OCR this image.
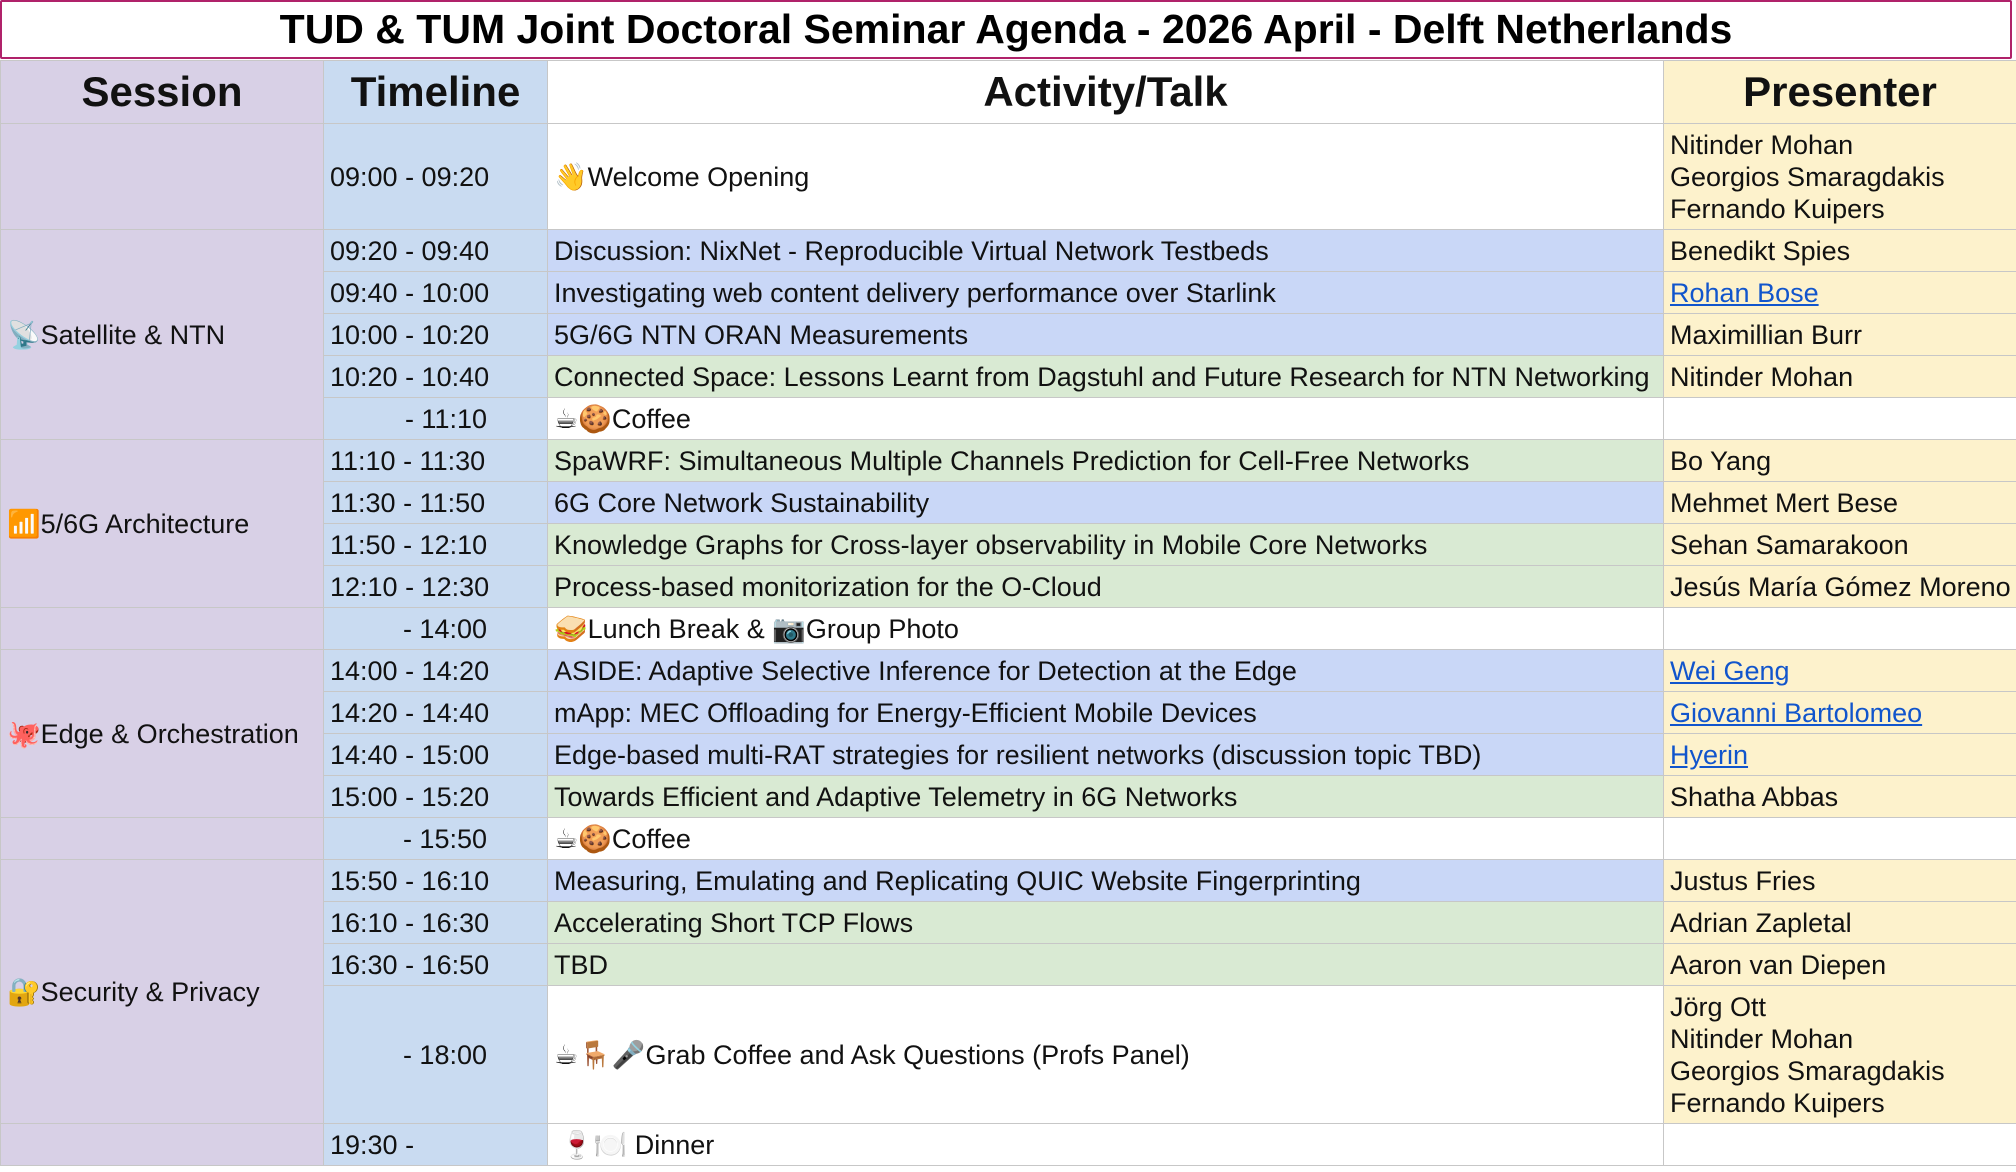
TUD & TUM Joint Doctoral Seminar Agenda - 2026 April - Delft Netherlands
Session	Timeline	Activity/Talk	Presenter
	09:00 - 09:20	👋Welcome Opening	Nitinder Mohan
Georgios Smaragdakis
Fernando Kuipers

📡Satellite & NTN	09:20 - 09:40	Discussion: NixNet - Reproducible Virtual Network Testbeds	Benedikt Spies
	09:40 - 10:00	Investigating web content delivery performance over Starlink	Rohan Bose
	10:00 - 10:20	5G/6G NTN ORAN Measurements	Maximillian Burr
	10:20 - 10:40	Connected Space: Lessons Learnt from Dagstuhl and Future Research for NTN Networking	Nitinder Mohan
	- 11:10	☕🍪Coffee	
📶5/6G Architecture	11:10 - 11:30	SpaWRF: Simultaneous Multiple Channels Prediction for Cell-Free Networks	Bo Yang
	11:30 - 11:50	6G Core Network Sustainability	Mehmet Mert Bese
	11:50 - 12:10	Knowledge Graphs for Cross-layer observability in Mobile Core Networks	Sehan Samarakoon
	12:10 - 12:30	Process-based monitorization for the O-Cloud	Jesús María Gómez Moreno
	- 14:00	🥪Lunch Break & 📷Group Photo	
🐙Edge & Orchestration	14:00 - 14:20	ASIDE: Adaptive Selective Inference for Detection at the Edge	Wei Geng
	14:20 - 14:40	mApp: MEC Offloading for Energy-Efficient Mobile Devices	Giovanni Bartolomeo
	14:40 - 15:00	Edge-based multi-RAT strategies for resilient networks (discussion topic TBD)	Hyerin
	15:00 - 15:20	Towards Efficient and Adaptive Telemetry in 6G Networks	Shatha Abbas
	- 15:50	☕🍪Coffee	
🔐Security & Privacy	15:50 - 16:10	Measuring, Emulating and Replicating QUIC Website Fingerprinting	Justus Fries
	16:10 - 16:30	Accelerating Short TCP Flows	Adrian Zapletal
	16:30 - 16:50	TBD	Aaron van Diepen
	- 18:00	☕🪑🎤Grab Coffee and Ask Questions (Profs Panel)	Jörg Ott
Nitinder Mohan
Georgios Smaragdakis
Fernando Kuipers

	19:30 -	🍷🍽️ Dinner	
